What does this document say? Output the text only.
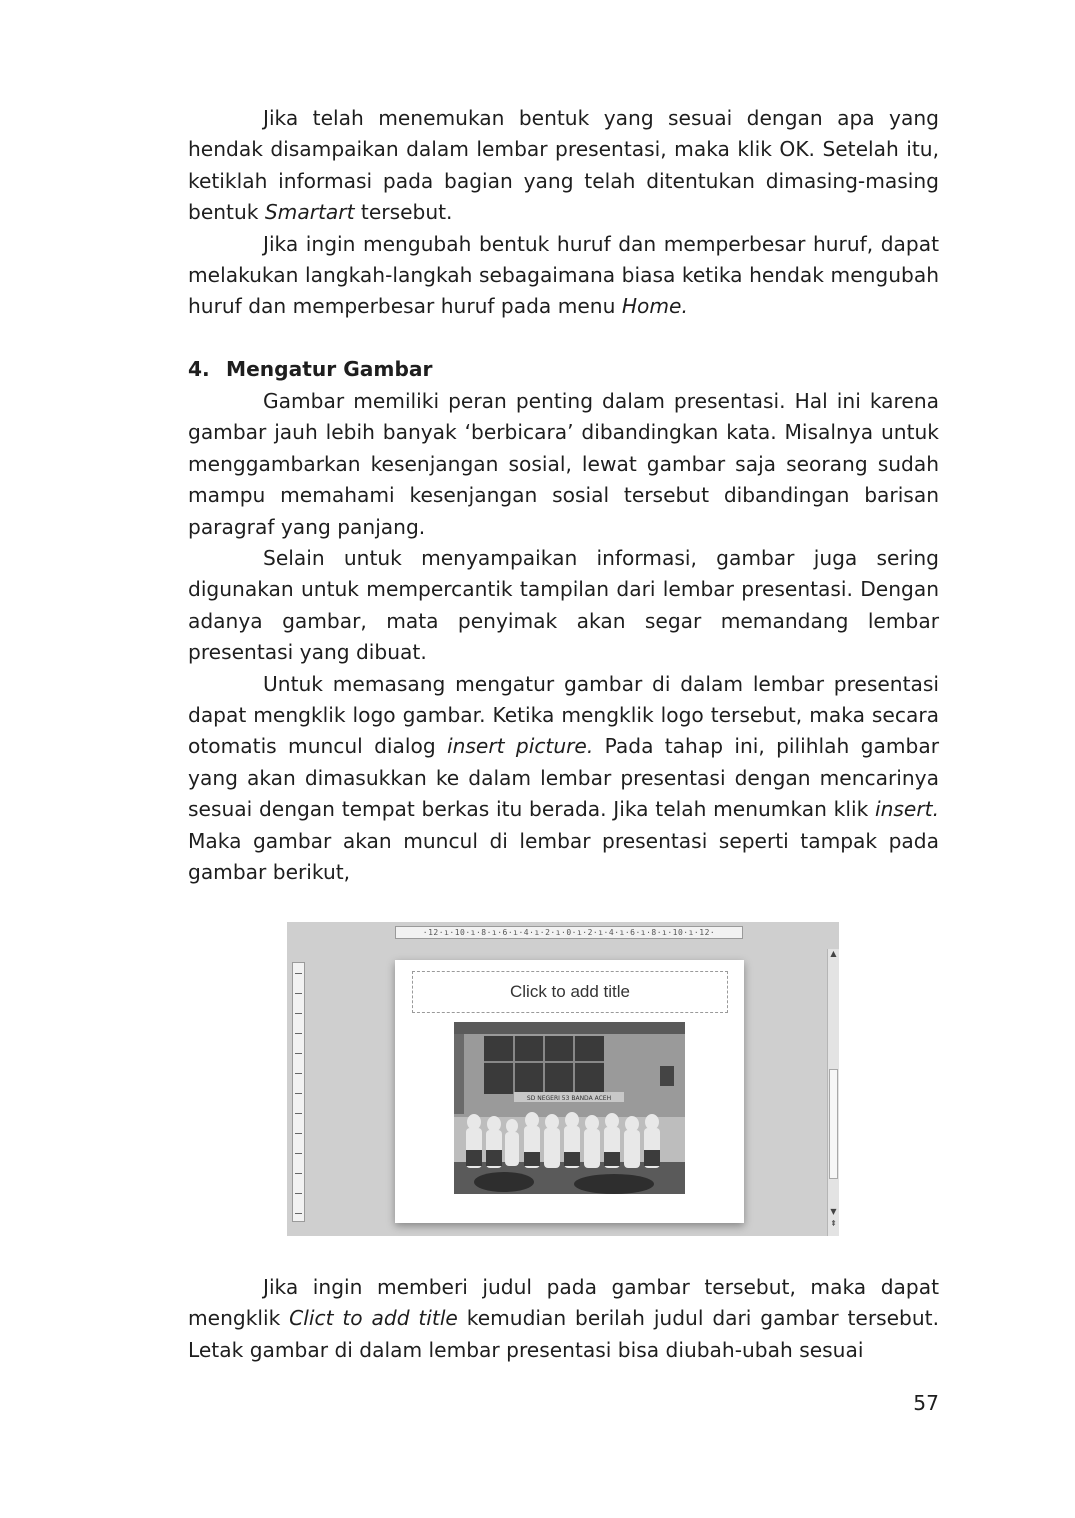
Jika telah menemukan bentuk yang sesuai dengan apa yang hendak disampaikan dalam lembar presentasi, maka klik OK. Setelah itu, ketiklah informasi pada bagian yang telah ditentukan dimasing-masing bentuk Smartart tersebut.

Jika ingin mengubah bentuk huruf dan memperbesar huruf, dapat melakukan langkah-langkah sebagaimana biasa ketika hendak mengubah huruf dan memperbesar huruf pada menu Home.

4. Mengatur Gambar

Gambar memiliki peran penting dalam presentasi. Hal ini karena gambar jauh lebih banyak ‘berbicara’ dibandingkan kata. Misalnya untuk menggambarkan kesenjangan sosial, lewat gambar saja seorang sudah mampu memahami kesenjangan sosial tersebut dibandingan barisan paragraf yang panjang.

Selain untuk menyampaikan informasi, gambar juga sering digunakan untuk mempercantik tampilan dari lembar presentasi. Dengan adanya gambar, mata penyimak akan segar memandang lembar presentasi yang dibuat.

Untuk memasang mengatur gambar di dalam lembar presentasi dapat mengklik logo gambar. Ketika mengklik logo tersebut, maka secara otomatis muncul dialog insert picture. Pada tahap ini, pilihlah gambar yang akan dimasukkan ke dalam lembar presentasi dengan mencarinya sesuai dengan tempat berkas itu berada. Jika telah menumkan klik insert. Maka gambar akan muncul di lembar presentasi seperti tampak pada gambar berikut,

·12·ı·10·ı·8·ı·6·ı·4·ı·2·ı·0·ı·2·ı·4·ı·6·ı·8·ı·10·ı·12·
Click to add title
SD NEGERI 53 BANDA ACEH
▲
▼
⇞

Jika ingin memberi judul pada gambar tersebut, maka dapat mengklik Clict to add title kemudian berilah judul dari gambar tersebut. Letak gambar di dalam lembar presentasi bisa diubah-ubah sesuai

57
